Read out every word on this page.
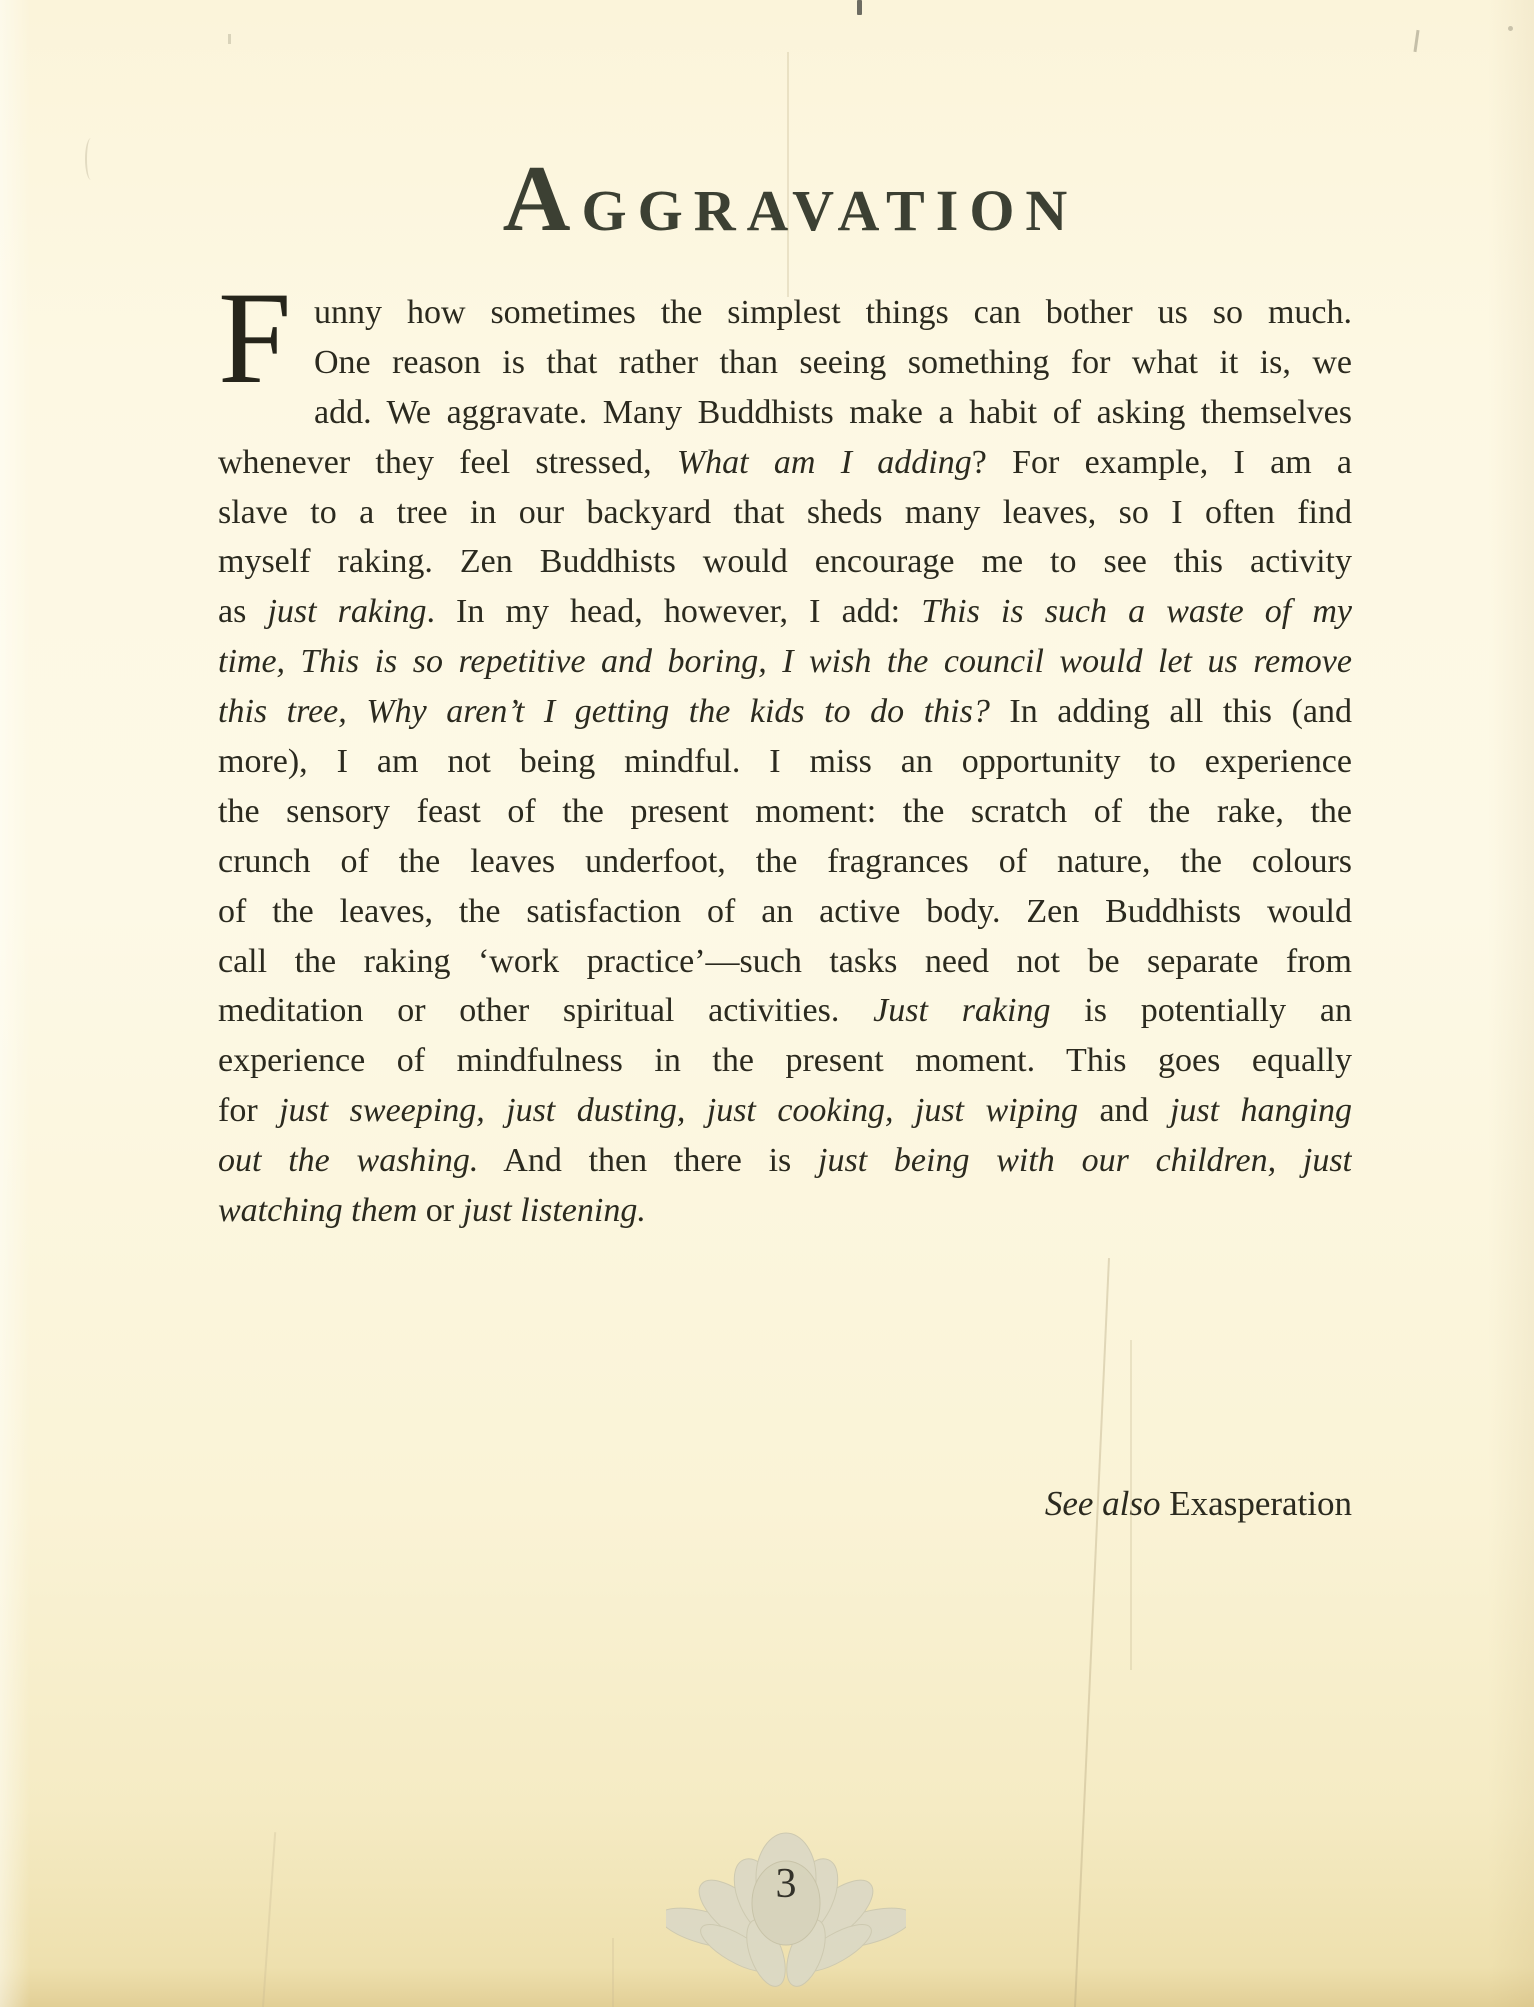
AGGRAVATION
F unny how sometimes the simplest things can bother us so much.
One reason is that rather than seeing something for what it is, we
add. We aggravate. Many Buddhists make a habit of asking themselves
whenever they feel stressed, What am I adding? For example, I am a
slave to a tree in our backyard that sheds many leaves, so I often find
myself raking. Zen Buddhists would encourage me to see this activity
as just raking. In my head, however, I add: This is such a waste of my
time, This is so repetitive and boring, I wish the council would let us remove
this tree, Why aren’t I getting the kids to do this? In adding all this (and
more), I am not being mindful. I miss an opportunity to experience
the sensory feast of the present moment: the scratch of the rake, the
crunch of the leaves underfoot, the fragrances of nature, the colours
of the leaves, the satisfaction of an active body. Zen Buddhists would
call the raking ‘work practice’—such tasks need not be separate from
meditation or other spiritual activities. Just raking is potentially an
experience of mindfulness in the present moment. This goes equally
for just sweeping, just dusting, just cooking, just wiping and just hanging
out the washing. And then there is just being with our children, just
watching them or just listening.
See also Exasperation
3
